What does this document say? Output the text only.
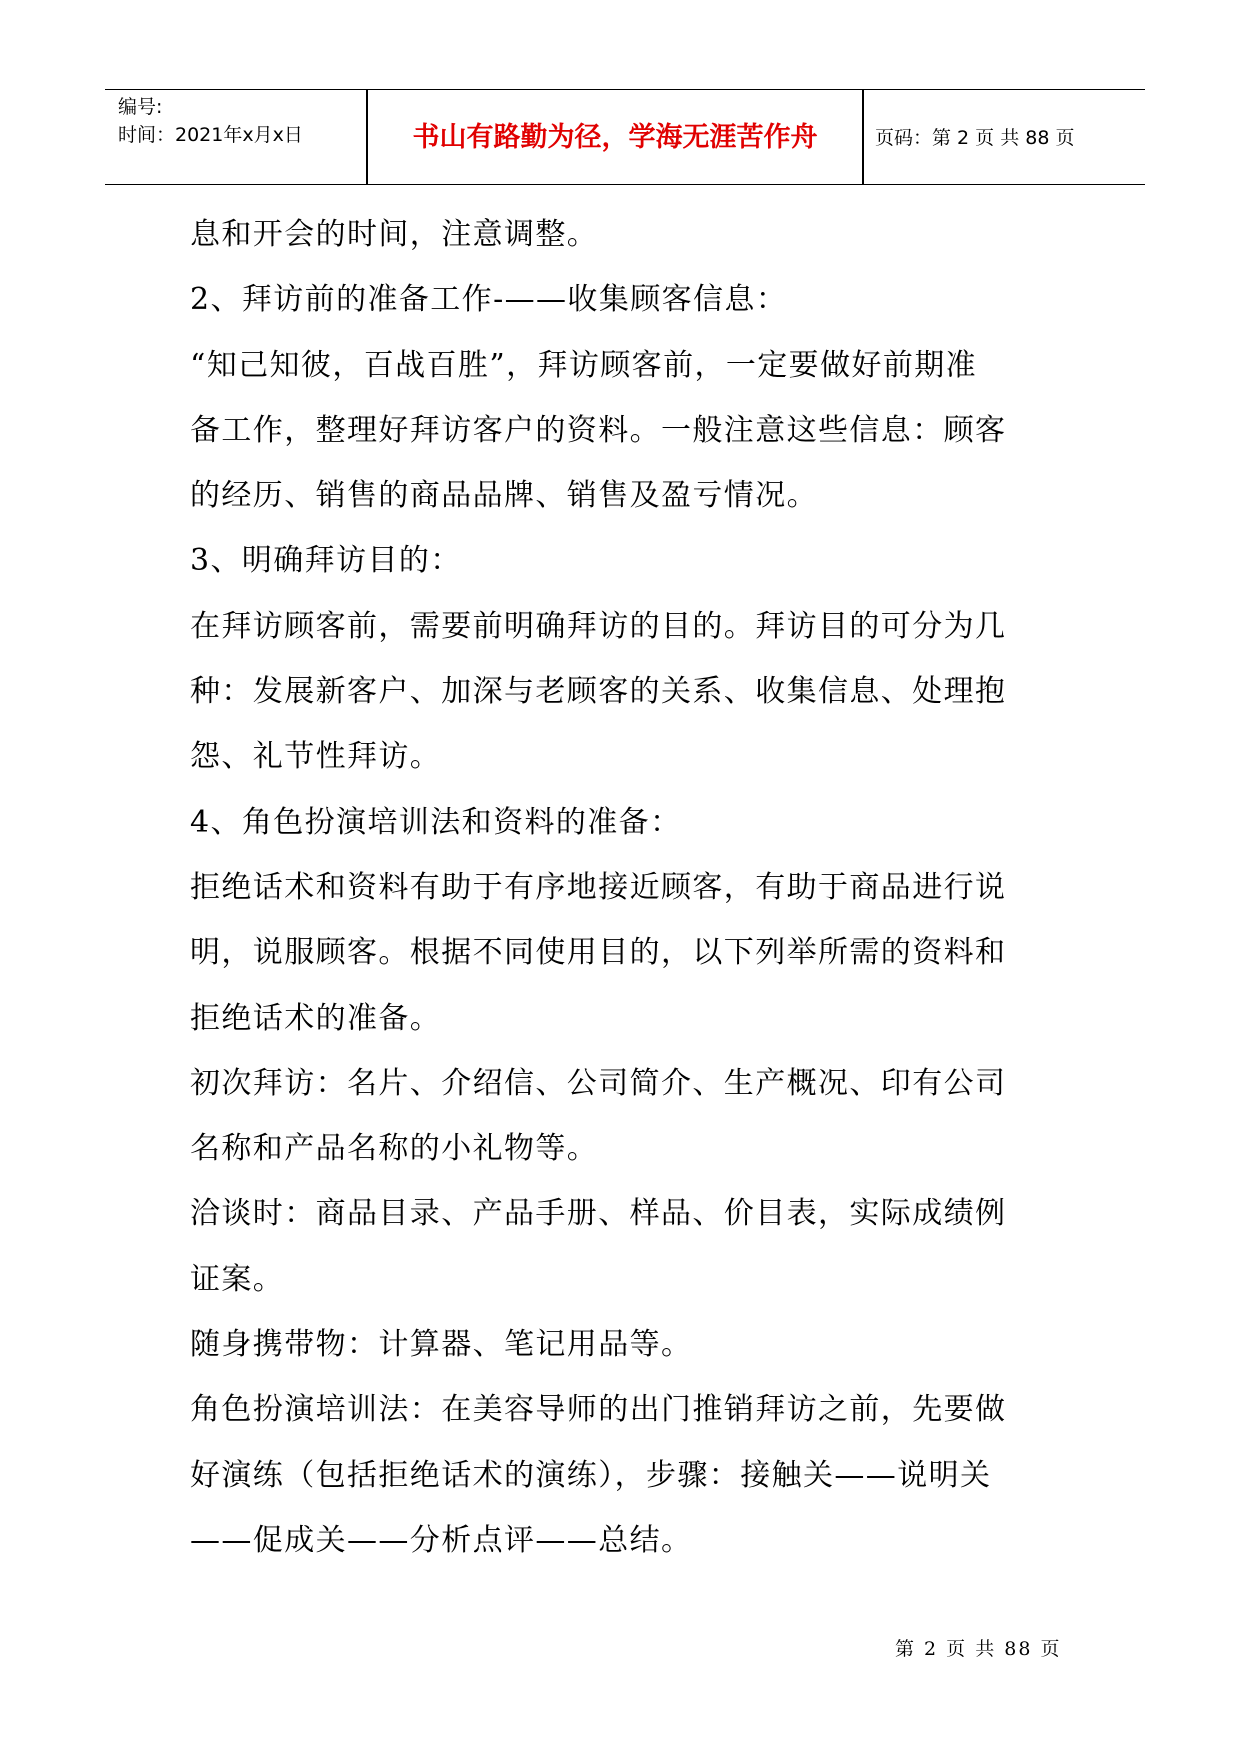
编号:
时间：2021年x月x日	书山有路勤为径，学海无涯苦作舟	页码：第 2 页 共 88 页
息和开会的时间，注意调整。
2、拜访前的准备工作-——收集顾客信息：
“知己知彼，百战百胜”，拜访顾客前，一定要做好前期准
备工作，整理好拜访客户的资料。一般注意这些信息：顾客
的经历、销售的商品品牌、销售及盈亏情况。
3、明确拜访目的：
在拜访顾客前，需要前明确拜访的目的。拜访目的可分为几
种：发展新客户、加深与老顾客的关系、收集信息、处理抱
怨、礼节性拜访。
4、角色扮演培训法和资料的准备：
拒绝话术和资料有助于有序地接近顾客，有助于商品进行说
明，说服顾客。根据不同使用目的，以下列举所需的资料和
拒绝话术的准备。
初次拜访：名片、介绍信、公司简介、生产概况、印有公司
名称和产品名称的小礼物等。
洽谈时：商品目录、产品手册、样品、价目表，实际成绩例
证案。
随身携带物：计算器、笔记用品等。
角色扮演培训法：在美容导师的出门推销拜访之前，先要做
好演练（包括拒绝话术的演练），步骤：接触关——说明关
——促成关——分析点评——总结。
第 2 页 共 88 页
